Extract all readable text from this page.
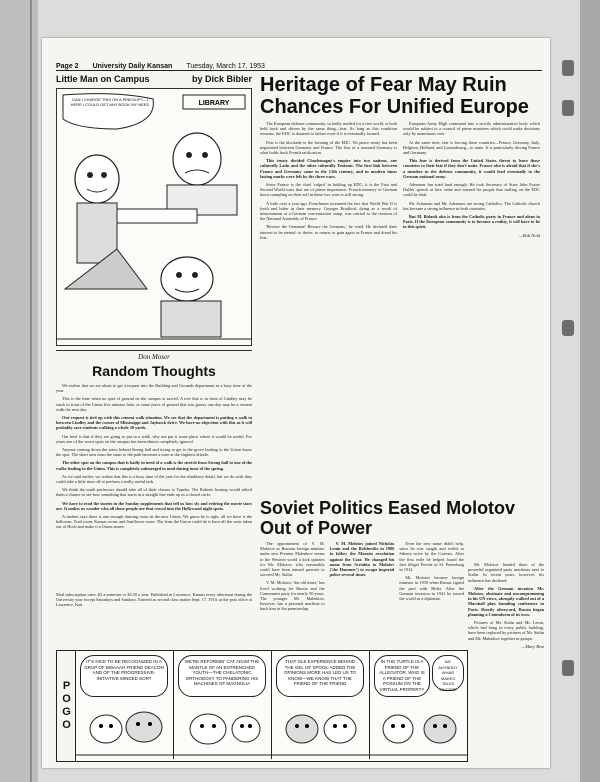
Page 2 University Daily Kansan Tuesday, March 17, 1953
Little Man on Campus	by Dick Bibler
LIBRARY
CAN I CHARGE THIS ON A PINKSLIP?—I HERE I COULD GET ANY BOOK MY NEED
Don Moser
Random Thoughts

We realize that we are about to get a request into the Building and Grounds department as a busy time of the year.

This is the time when no spot of ground on the campus is sacred. A tree that is in front of Lindley may be stuck in front of the Union five minutes later, or some piece of ground that was grassy one day may be a cement walk the next day.

Our request is tied up with this cement walk situation. We see that the department is putting a walk in between Lindley and the corner of Mississippi and Jayhawk drive. We have no objection with this as it will probably save students walking a whole 20 yards.

Our beef is that if they are going to put in a walk, why not put it some place where it would be useful. For years one of the worst spots on the campus has been almost completely ignored.

Anyone coming down the stairs behind Strong hall and trying to get to the grove leading to the Union know the spot. The short area from the stairs to the path becomes a mire at the slightest drizzle.

The other spot on the campus that is badly in need of a walk is the stretch from Strong hall to one of the walks leading to the Union. This is completely submerged in mud during most of the spring.

As we said earlier, we realize that this is a busy time of the year for the shrubbery detail, but we do wish they could take a little time off to perform a really useful task.

We think the math professors should take all of their classes to Topeka. The Roberts hearing would afford them a chance to see how something that starts as a straight line ends up as a closed circle.

We have to read the stories in the Sunday supplements that tell us how sly and retiring the movie stars are. It makes us wonder who all those people are that crowd into the Hollywood night spots.

A student says there is one enough dancing room in the new Union. We guess he is right, all we have is the ballroom, Trail room, Kansas room, and Sunflower room. The least the Union could do is have all the seats taken out of Hoch and make it a Union annex.

Heritage of Fear May Ruin Chances For Unified Europe

The European defense community, so badly needed for a free world, is both held back and driven by the same thing—fear. As long as this condition remains, the EDC is doomed to failure even if it is eventually formed.

Fear is the blockade to the forming of the EDC. No peace treaty has been negotiated between Germany and France. The fear of a rearmed Germany is what holds back French ratification.

This treaty divided Charlemagne's empire into two nations, one culturally Latin and the other culturally Teutonic. The first link between France and Germany came in the 13th century, and in modern times lasting marks were left by the three wars.

Since France is the chief 'culprit' in holding up EDC, it is the First and Second World wars that are of prime importance. French memory of German boots trampling on their soil in these two wars is still strong.

A little over a year ago, Frenchmen screamed the fact that World War II is fresh and bitter in their memory. Georges Bradford, dying as a result of mistreatment at a German concentration camp, was carried to the rostrum of the National Assembly of France.

'Beware the Germans! Beware the Germans,' he cried. He declared their interest to be eternal: to thrive, to return, to gain again as France and dread his fear.

European Army High command into a strictly administrative body which would be subject to a council of prime ministers which could make decisions only by unanimous vote.

At the same time, fear is forcing these countries—France, Germany, Italy, Belgium, Holland, and Luxembourg—to unite. It is particularly driving France and Germany.

This fear is derived from the United States threat to leave those countries to their fate if they don't unite. France also is afraid that if she's a member in the defense community, it would lead eventually to the German national army.

Adenauer has tried hard enough. He took Secretary of State John Foster Dulles' speech at face value and warned his people that stalling on the EDC could be fatal.

Mr. Schuman and Mr. Adenauer are strong Catholics. The Catholic church has become a strong influence in both countries.

But M. Bidault also is from the Catholic party in France and alone in Paris. If the European community is to become a reality, it will have to be in this spirit.

—Bob Nold
Soviet Politics Eased Molotov Out of Power

The appointment of V. M. Molotov as Russian foreign minister under new Premier Malenkov seems to the Western world a kick upstairs for Mr. Molotov, who reasonably could have been named premier to succeed Mr. Stalin.

V. M. Molotov, 'the old timer,' has lived working for Russia and the Communist party for nearly 50 years. The younger Mr. Malenkov, however, has a personal machine to back him in the premiership.

V. M. Molotov joined Nicholas Lenin and the Bolsheviks in 1906 to follow the Marxist revolution against the Czar. He changed his name from Scriabin to Molotov ('the Hammer') to escape imperial police several times.

Even the new name didn't help, since he was caught and exiled to Siberia twice by the Czarists. After the first exile he helped found the first illegal Pravda in St. Petersburg in 1912.

Mr. Molotov became foreign minister in 1939 when Russia signed the pact with Hitler. After the German invasion in 1941 he toured the world as a diplomat.

Mr. Molotov headed three of the powerful organized party machines next to Stalin. In recent years, however, his influence has declined.

After the German invasion Mr. Molotov, obstinate and uncompromising in his UN views, abruptly walked out of a Marshall plan founding conference in Paris. Shortly afterward, Russia began planning a Cominform of its own.

Pictures of Mr. Stalin and Mr. Lenin, which had hung in every public building, have been replaced by pictures of Mr. Stalin and Mr. Malenkov together in groups.

—Mary Betz
Mail subscription rates: $3 a semester or $4.50 a year. Published in Lawrence, Kansas every afternoon during the University year except Saturdays and Sundays. Entered as second class matter Sept. 17, 1910, at the post office at Lawrence, Kan.
POGO
IT'S NICE TO BE RECOGNIZED IN A GRUP OF BWAAAH FRIEND DEACON AND OF THE PROGRESSIVE-INITIATIVE MINDED SORT
WE'RE REFORMIN' CAT ADAM THE MANTLE OF AN ENTRENCHED YOUTH—THE CHELATONIC ORTHODOXY TO PANDERING HIS MACHINES OF MAGNOLIA
THAT OLE EXPERIENCE BEHIND THE GEL OF SPOOL-ADDED THE OPINIONS MORE HAS LED US TO KNOW—WE KNOW THAT THE FRIEND OF THE FRIEND
IN THE TURTLE IS A FRIEND OF THE ALLEGATOR, WHO IS A FRIEND OF THE POSSUM ON THE VIRTUAL PROPERTY
AN' ANYBODY WHAR MAKES TALKS SINCERE
